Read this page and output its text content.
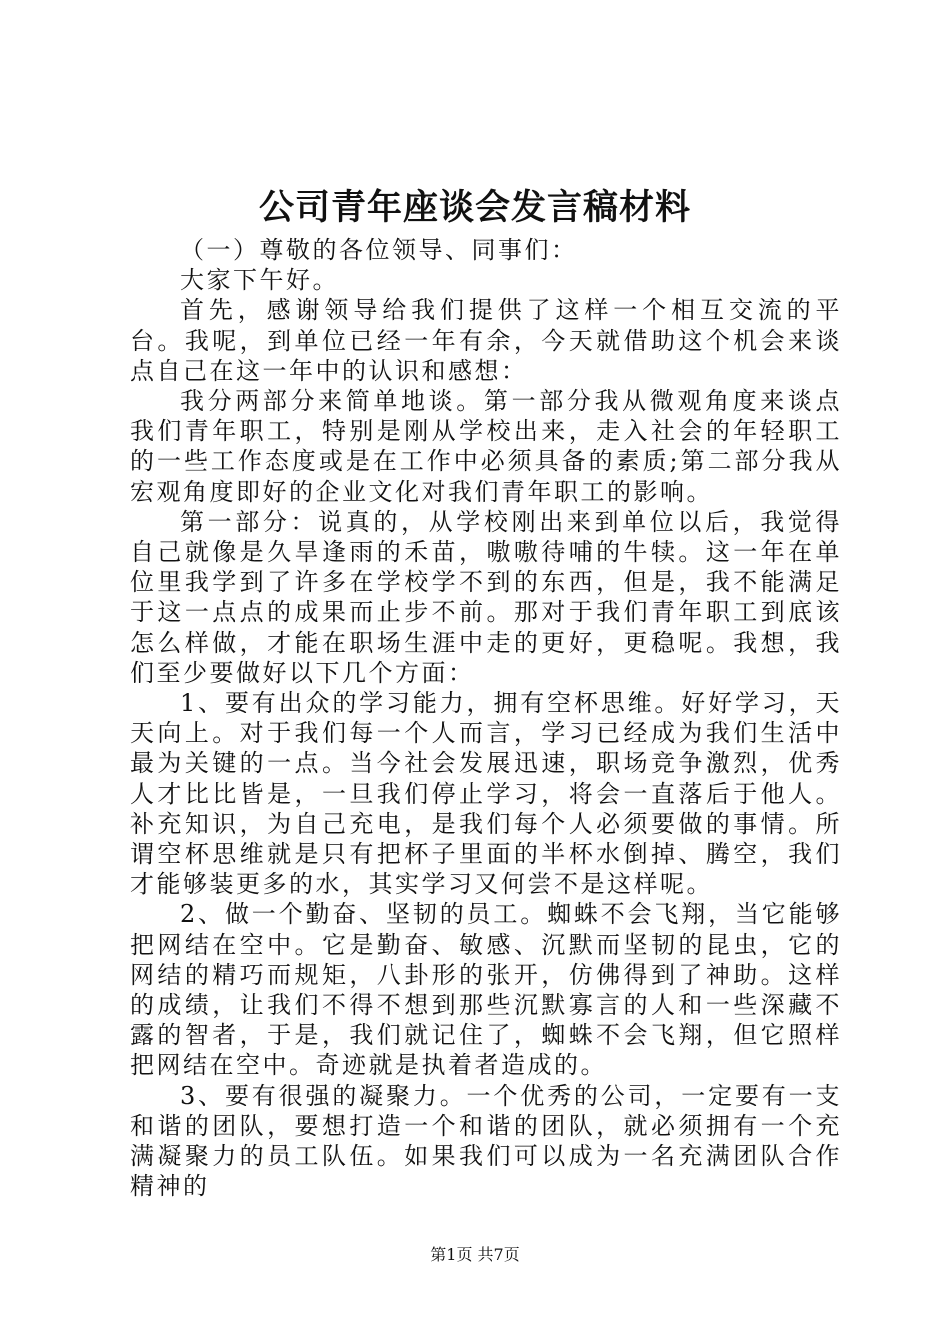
公司青年座谈会发言稿材料

（一）尊敬的各位领导、同事们：

大家下午好。

首先，感谢领导给我们提供了这样一个相互交流的平台。我呢，到单位已经一年有余，今天就借助这个机会来谈点自己在这一年中的认识和感想：

我分两部分来简单地谈。第一部分我从微观角度来谈点我们青年职工，特别是刚从学校出来，走入社会的年轻职工的一些工作态度或是在工作中必须具备的素质;第二部分我从宏观角度即好的企业文化对我们青年职工的影响。

第一部分：说真的，从学校刚出来到单位以后，我觉得自己就像是久旱逢雨的禾苗，嗷嗷待哺的牛犊。这一年在单位里我学到了许多在学校学不到的东西，但是，我不能满足于这一点点的成果而止步不前。那对于我们青年职工到底该怎么样做，才能在职场生涯中走的更好，更稳呢。我想，我们至少要做好以下几个方面：

1、要有出众的学习能力，拥有空杯思维。好好学习，天天向上。对于我们每一个人而言，学习已经成为我们生活中最为关键的一点。当今社会发展迅速，职场竞争激烈，优秀人才比比皆是，一旦我们停止学习，将会一直落后于他人。补充知识，为自己充电，是我们每个人必须要做的事情。所谓空杯思维就是只有把杯子里面的半杯水倒掉、腾空，我们才能够装更多的水，其实学习又何尝不是这样呢。

2、做一个勤奋、坚韧的员工。蜘蛛不会飞翔，当它能够把网结在空中。它是勤奋、敏感、沉默而坚韧的昆虫，它的网结的精巧而规矩，八卦形的张开，仿佛得到了神助。这样的成绩，让我们不得不想到那些沉默寡言的人和一些深藏不露的智者，于是，我们就记住了，蜘蛛不会飞翔，但它照样把网结在空中。奇迹就是执着者造成的。

3、要有很强的凝聚力。一个优秀的公司，一定要有一支和谐的团队，要想打造一个和谐的团队，就必须拥有一个充满凝聚力的员工队伍。如果我们可以成为一名充满团队合作精神的

第1页 共7页
